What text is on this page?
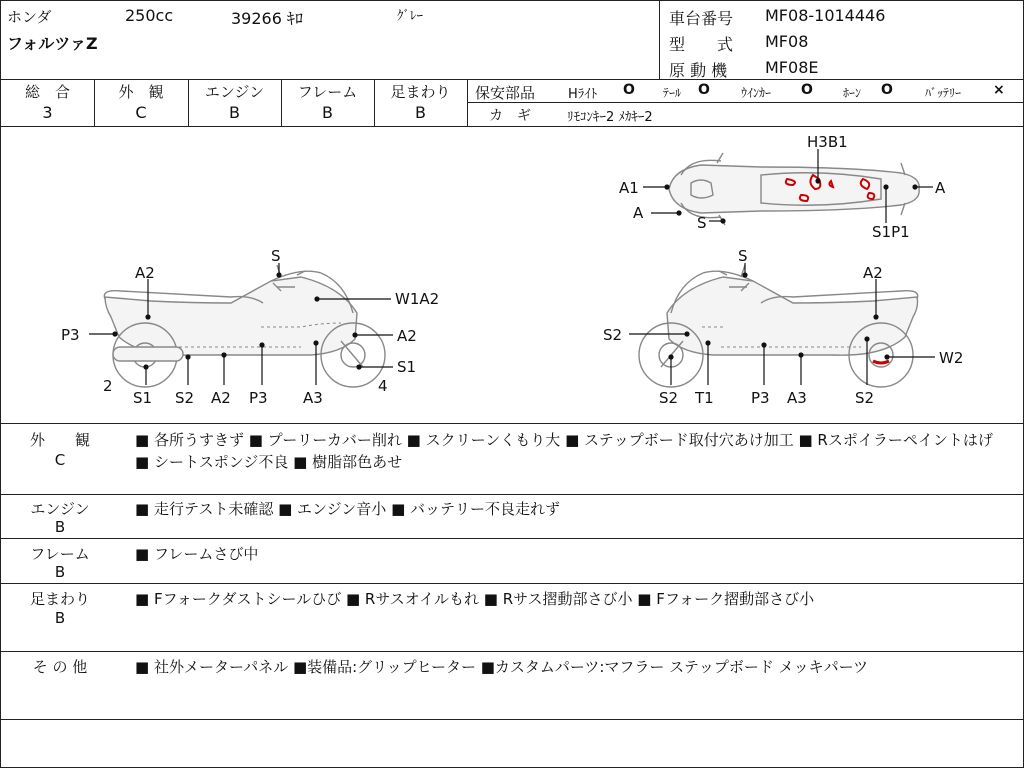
ホンダ	250cc	39266 ｷﾛ	ｸﾞﾚｰ
フォルツァZ
車台番号 MF08-1014446
型　　式 MF08
原 動 機 MF08E
総　合
3
外　観
C
エンジン
B
フレーム
B
足まわり
B
保安部品	Hﾗｲﾄ O ﾃｰﾙ O	ｳｲﾝｶｰ O	ﾎｰﾝ O	ﾊﾞｯﾃﾘｰ ×
カ　ギ	ﾘﾓｺﾝｷｰ2 ﾒｶｷｰ2
H3B1
A1
A
S	S1P1
A
S
A2
W1A2
P3	A2
S1
2	4
S1 S2 A2 P3 A3
S
A2
S2
W2
S2 T1 P3 A3	S2
外　　観
C
■ 各所うすきず ■ プーリーカバー削れ ■ スクリーンくもり大 ■ ステップボード取付穴あけ加工 ■ Rスポイラーペイントはげ ■ シートスポンジ不良 ■ 樹脂部色あせ
エンジン
B
■ 走行テスト未確認 ■ エンジン音小 ■ バッテリー不良走れず
フレーム
B
■ フレームさび中
足まわり
B
■ Fフォークダストシールひび ■ Rサスオイルもれ ■ Rサス摺動部さび小 ■ Fフォーク摺動部さび小
そ の 他	■ 社外メーターパネル ■装備品:グリップヒーター ■カスタムパーツ:マフラー ステップボード メッキパーツ
